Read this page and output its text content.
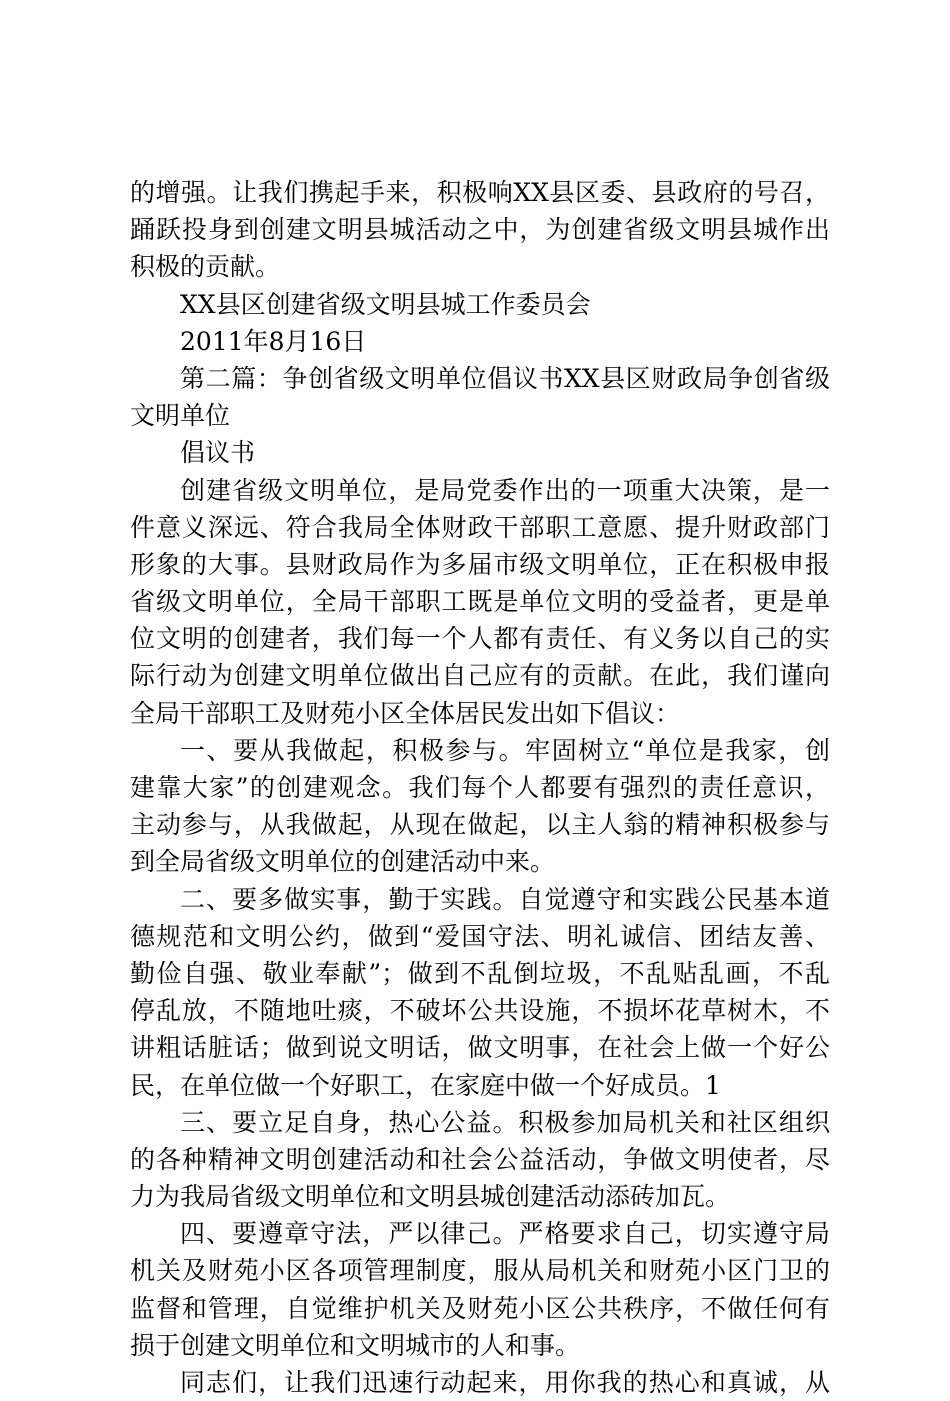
的增强。让我们携起手来，积极响XX县区委、县政府的号召，
踊跃投身到创建文明县城活动之中，为创建省级文明县城作出
积极的贡献。
XX县区创建省级文明县城工作委员会
2011年8月16日
第二篇：争创省级文明单位倡议书XX县区财政局争创省级
文明单位
倡议书
创建省级文明单位，是局党委作出的一项重大决策，是一
件意义深远、符合我局全体财政干部职工意愿、提升财政部门
形象的大事。县财政局作为多届市级文明单位，正在积极申报
省级文明单位，全局干部职工既是单位文明的受益者，更是单
位文明的创建者，我们每一个人都有责任、有义务以自己的实
际行动为创建文明单位做出自己应有的贡献。在此，我们谨向
全局干部职工及财苑小区全体居民发出如下倡议：
一、要从我做起，积极参与。牢固树立“单位是我家，创
建靠大家”的创建观念。我们每个人都要有强烈的责任意识，
主动参与，从我做起，从现在做起，以主人翁的精神积极参与
到全局省级文明单位的创建活动中来。
二、要多做实事，勤于实践。自觉遵守和实践公民基本道
德规范和文明公约，做到“爱国守法、明礼诚信、团结友善、
勤俭自强、敬业奉献”；做到不乱倒垃圾，不乱贴乱画，不乱
停乱放，不随地吐痰，不破坏公共设施，不损坏花草树木，不
讲粗话脏话；做到说文明话，做文明事，在社会上做一个好公
民，在单位做一个好职工，在家庭中做一个好成员。1
三、要立足自身，热心公益。积极参加局机关和社区组织
的各种精神文明创建活动和社会公益活动，争做文明使者，尽
力为我局省级文明单位和文明县城创建活动添砖加瓦。
四、要遵章守法，严以律己。严格要求自己，切实遵守局
机关及财苑小区各项管理制度，服从局机关和财苑小区门卫的
监督和管理，自觉维护机关及财苑小区公共秩序，不做任何有
损于创建文明单位和文明城市的人和事。
同志们，让我们迅速行动起来，用你我的热心和真诚，从
